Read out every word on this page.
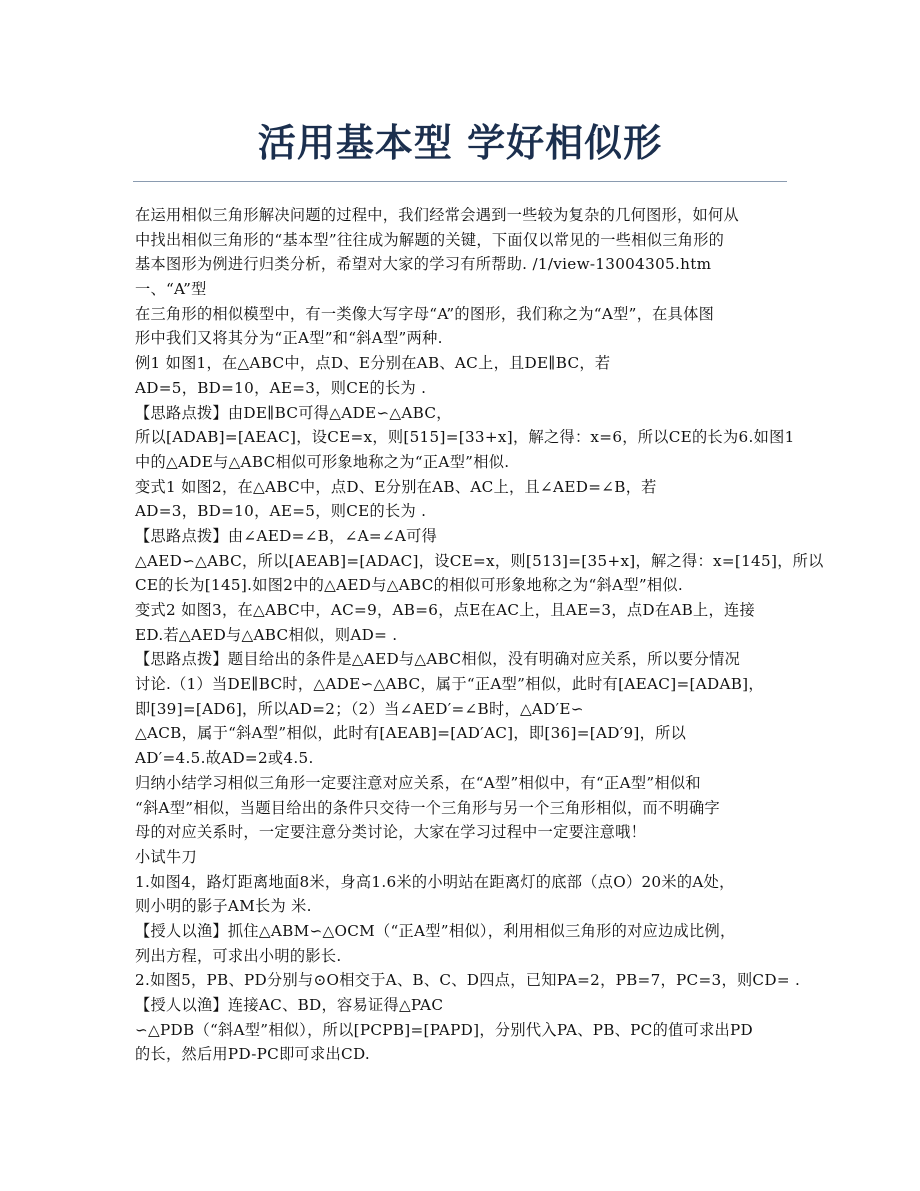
活用基本型 学好相似形
在运用相似三角形解决问题的过程中，我们经常会遇到一些较为复杂的几何图形，如何从
中找出相似三角形的“基本型”往往成为解题的关键，下面仅以常见的一些相似三角形的
基本图形为例进行归类分析，希望对大家的学习有所帮助. /1/view-13004305.htm
一、“A”型
在三角形的相似模型中，有一类像大写字母“A”的图形，我们称之为“A型”，在具体图
形中我们又将其分为“正A型”和“斜A型”两种.
例1 如图1，在△ABC中，点D、E分别在AB、AC上，且DE∥BC，若
AD=5，BD=10，AE=3，则CE的长为 .
【思路点拨】由DE∥BC可得△ADE∽△ABC，
所以[ADAB]=[AEAC]，设CE=x，则[515]=[33+x]，解之得：x=6，所以CE的长为6.如图1
中的△ADE与△ABC相似可形象地称之为“正A型”相似.
变式1 如图2，在△ABC中，点D、E分别在AB、AC上，且∠AED=∠B，若
AD=3，BD=10，AE=5，则CE的长为 .
【思路点拨】由∠AED=∠B，∠A=∠A可得
△AED∽△ABC，所以[AEAB]=[ADAC]，设CE=x，则[513]=[35+x]，解之得：x=[145]，所以
CE的长为[145].如图2中的△AED与△ABC的相似可形象地称之为“斜A型”相似.
变式2 如图3，在△ABC中，AC=9，AB=6，点E在AC上，且AE=3，点D在AB上，连接
ED.若△AED与△ABC相似，则AD= .
【思路点拨】题目给出的条件是△AED与△ABC相似，没有明确对应关系，所以要分情况
讨论.（1）当DE∥BC时，△ADE∽△ABC，属于“正A型”相似，此时有[AEAC]=[ADAB]，
即[39]=[AD6]，所以AD=2；（2）当∠AED′=∠B时，△AD′E∽
△ACB，属于“斜A型”相似，此时有[AEAB]=[AD′AC]，即[36]=[AD′9]，所以
AD′=4.5.故AD=2或4.5.
归纳小结学习相似三角形一定要注意对应关系，在“A型”相似中，有“正A型”相似和
“斜A型”相似，当题目给出的条件只交待一个三角形与另一个三角形相似，而不明确字
母的对应关系时，一定要注意分类讨论，大家在学习过程中一定要注意哦！
小试牛刀
1.如图4，路灯距离地面8米，身高1.6米的小明站在距离灯的底部（点O）20米的A处，
则小明的影子AM长为 米.
【授人以渔】抓住△ABM∽△OCM（“正A型”相似），利用相似三角形的对应边成比例，
列出方程，可求出小明的影长.
2.如图5，PB、PD分别与⊙O相交于A、B、C、D四点，已知PA=2，PB=7，PC=3，则CD= .
【授人以渔】连接AC、BD，容易证得△PAC
∽△PDB（“斜A型”相似），所以[PCPB]=[PAPD]，分别代入PA、PB、PC的值可求出PD
的长，然后用PD-PC即可求出CD.
